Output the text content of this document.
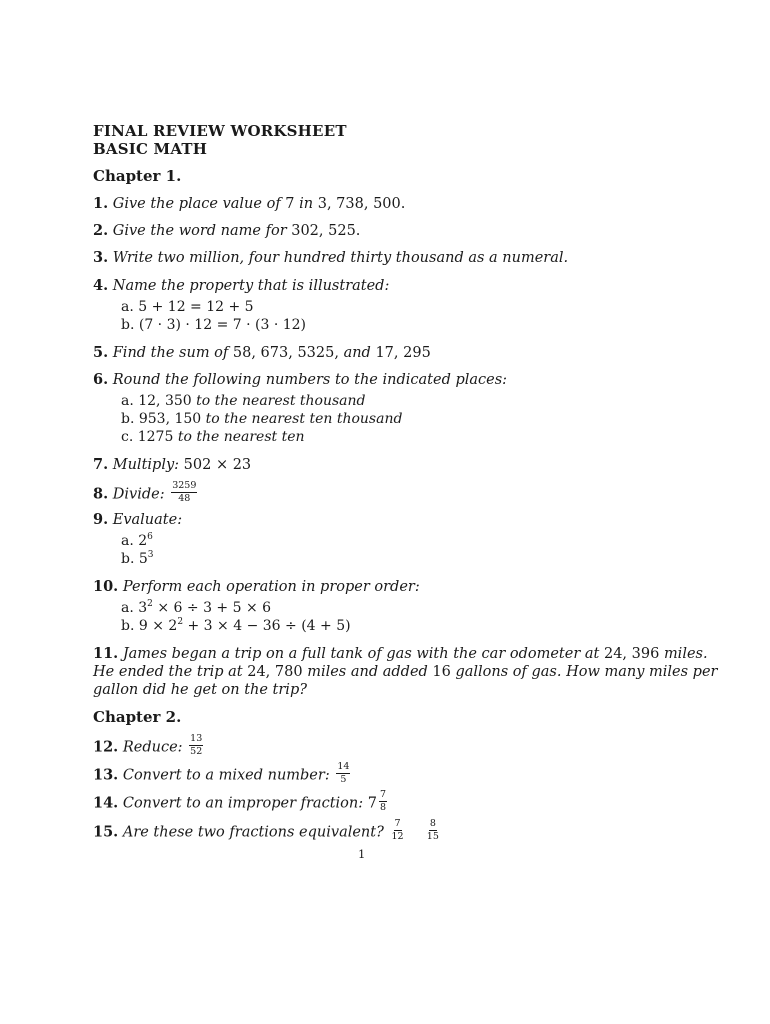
FINAL REVIEW WORKSHEET
BASIC MATH
Chapter 1.
1. Give the place value of 7 in 3, 738, 500.
2. Give the word name for 302, 525.
3. Write two million, four hundred thirty thousand as a numeral.
4. Name the property that is illustrated:
a. 5 + 12 = 12 + 5
b. (7 · 3) · 12 = 7 · (3 · 12)
5. Find the sum of 58, 673, 5325, and 17, 295
6. Round the following numbers to the indicated places:
a. 12, 350 to the nearest thousand
b. 953, 150 to the nearest ten thousand
c. 1275 to the nearest ten
7. Multiply: 502 × 23
8. Divide: $\frac{3259}{48}$
9. Evaluate:
a. $2^6$
b. $5^3$
10. Perform each operation in proper order:
a. $3^2 \times 6 \div 3 + 5 \times 6$
b. $9 \times 2^2 + 3 \times 4 - 36 \div (4 + 5)$
11. James began a trip on a full tank of gas with the car odometer at 24, 396 miles.
He ended the trip at 24, 780 miles and added 16 gallons of gas. How many miles per
gallon did he get on the trip?
Chapter 2.
12. Reduce: $\frac{13}{52}$
13. Convert to a mixed number: $\frac{14}{5}$
14. Convert to an improper fraction: $7 \frac{7}{8}$
15. Are these two fractions equivalent? $\frac{7}{12}$
$\frac{8}{15}$
1
